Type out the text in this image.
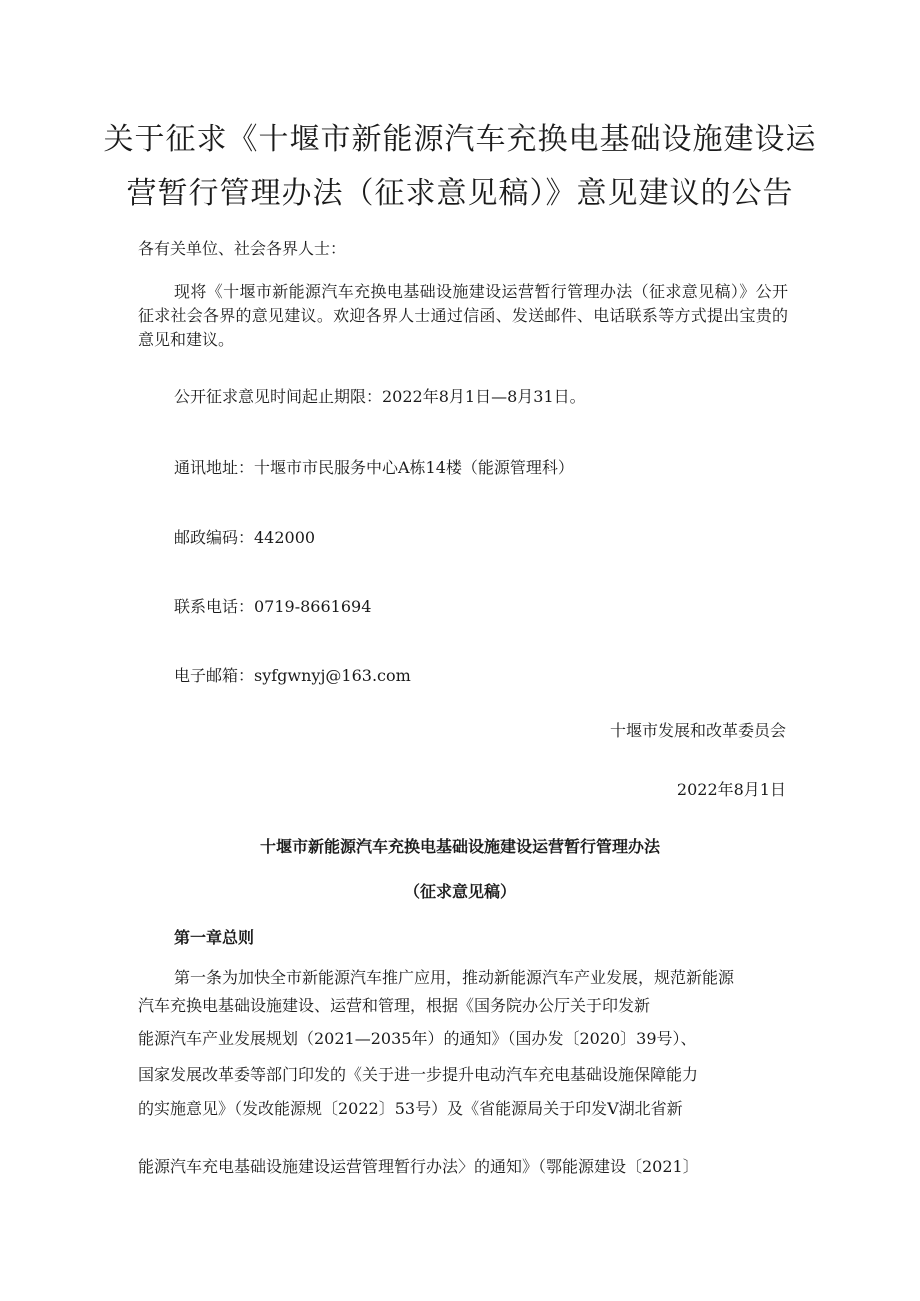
关于征求《十堰市新能源汽车充换电基础设施建设运
营暂行管理办法（征求意见稿）》意见建议的公告
各有关单位、社会各界人士：
现将《十堰市新能源汽车充换电基础设施建设运营暂行管理办法（征求意见稿）》公开征求社会各界的意见建议。欢迎各界人士通过信函、发送邮件、电话联系等方式提出宝贵的意见和建议。
公开征求意见时间起止期限：2022年8月1日—8月31日。
通讯地址：十堰市市民服务中心A栋14楼（能源管理科）
邮政编码：442000
联系电话：0719-8661694
电子邮箱：syfgwnyj@163.com
十堰市发展和改革委员会
2022年8月1日
十堰市新能源汽车充换电基础设施建设运营暂行管理办法
（征求意见稿）
第一章总则
第一条为加快全市新能源汽车推广应用，推动新能源汽车产业发展，规范新能源
汽车充换电基础设施建设、运营和管理，根据《国务院办公厅关于印发新
能源汽车产业发展规划（2021—2035年）的通知》（国办发〔2020〕39号）、
国家发展改革委等部门印发的《关于进一步提升电动汽车充电基础设施保障能力
的实施意见》（发改能源规〔2022〕53号）及《省能源局关于印发V湖北省新
能源汽车充电基础设施建设运营管理暂行办法〉的通知》（鄂能源建设〔2021〕
